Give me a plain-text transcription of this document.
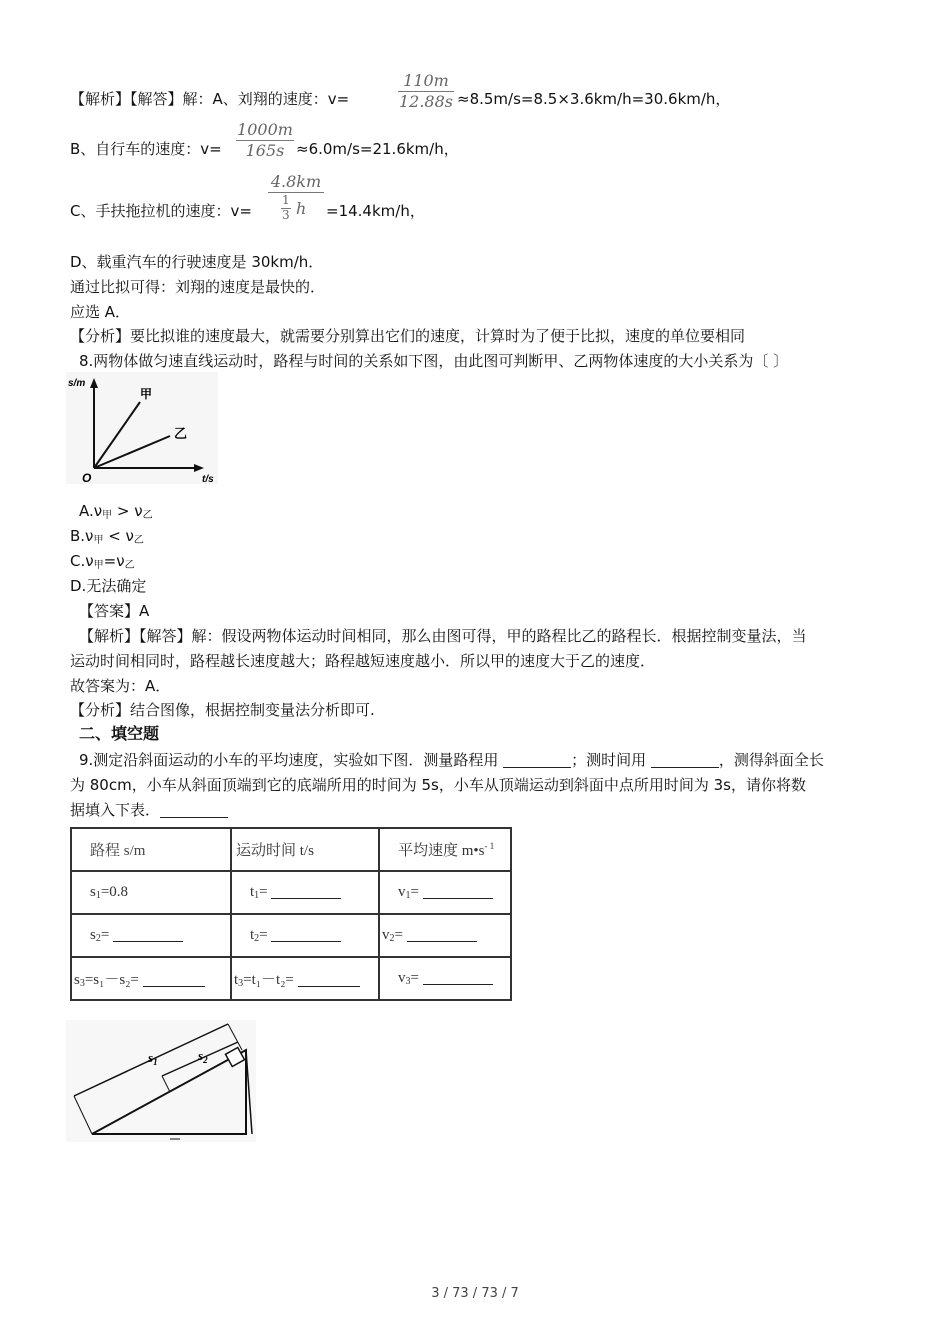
【解析】【解答】解：A、刘翔的速度：v=
110m
12.88s ≈8.5m/s=8.5×3.6km/h=30.6km/h，
B、自行车的速度：v=
1000m
165s ≈6.0m/s=21.6km/h，
C、手扶拖拉机的速度：v=
4.8km
1
3 h =14.4km/h，
D、载重汽车的行驶速度是 30km/h．
通过比拟可得：刘翔的速度是最快的．
应选 A．
【分析】要比拟谁的速度最大，就需要分别算出它们的速度，计算时为了便于比拟，速度的单位要相同
8.两物体做匀速直线运动时，路程与时间的关系如下图，由此图可判断甲、乙两物体速度的大小关系为〔 〕
s/m
t/s
O
甲
乙
$A.\nu_甲 > \nu_乙$
$B.\nu_甲 < \nu_乙$
$C.\nu_甲=\nu_乙$
D.无法确定
【答案】A
【解析】【解答】解：假设两物体运动时间相同，那么由图可得，甲的路程比乙的路程长．根据控制变量法，当
运动时间相同时，路程越长速度越大；路程越短速度越小．所以甲的速度大于乙的速度．
故答案为：A．
【分析】结合图像，根据控制变量法分析即可.
二、填空题
9.测定沿斜面运动的小车的平均速度，实验如下图．测量路程用	；测时间用	，测得斜面全长
为 80cm，小车从斜面顶端到它的底端所用的时间为 5s，小车从顶端运动到斜面中点所用时间为 3s，请你将数
据填入下表．
路程 s/m	运动时间 t/s	平均速度 $m•s^{- 1}$
s1=0.8	t1=	v1=
s2=	t2=	v2=
s3=s₁－s₂=	t3=t₁－t₂=	v3=
$s_1$	$s_2$
3 / 73 / 73 / 7
